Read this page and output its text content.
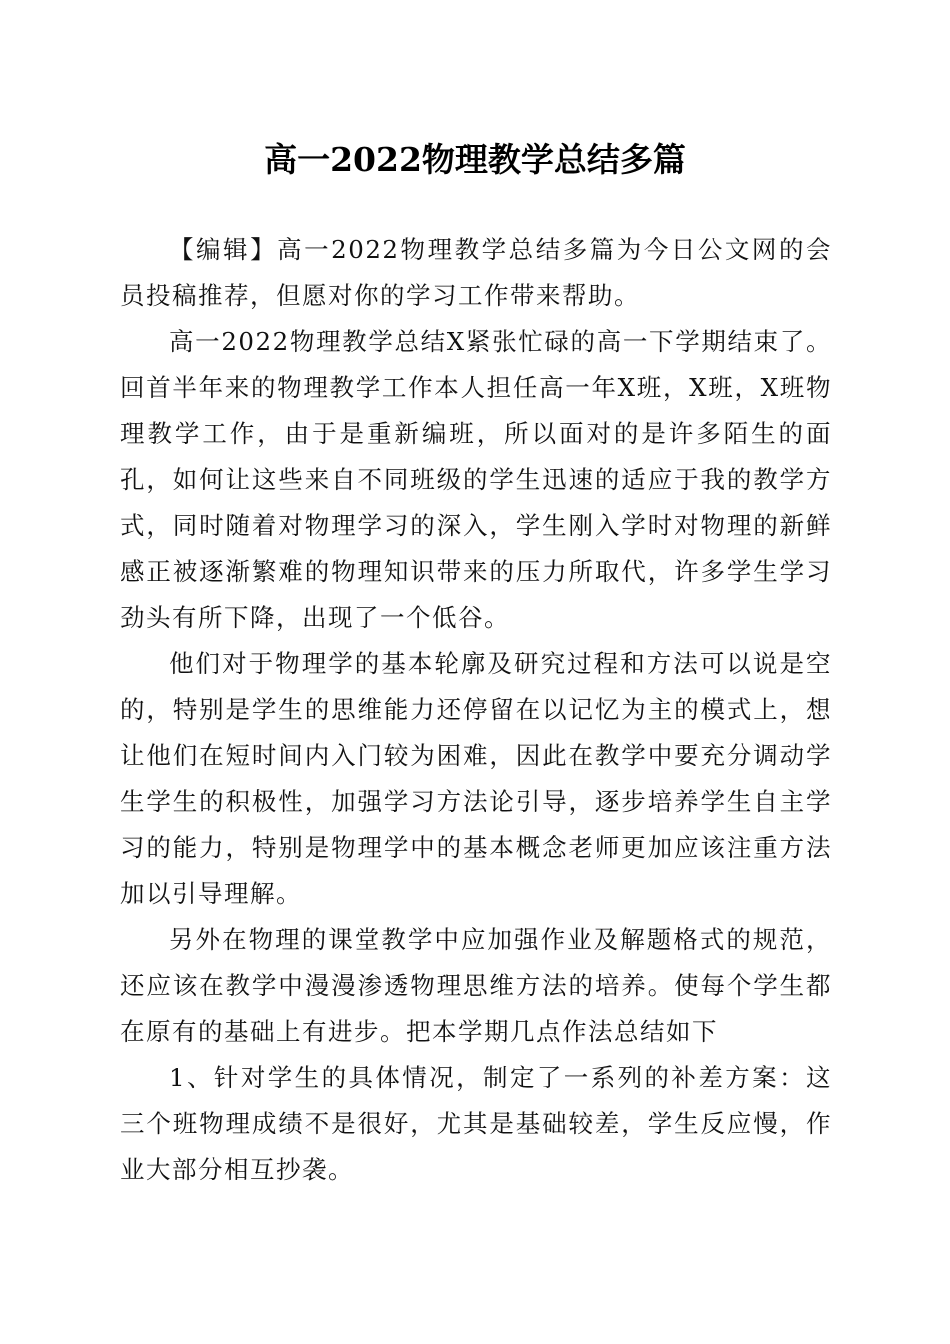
高一2022物理教学总结多篇

【编辑】高一2022物理教学总结多篇为今日公文网的会员投稿推荐，但愿对你的学习工作带来帮助。

高一2022物理教学总结X紧张忙碌的高一下学期结束了。回首半年来的物理教学工作本人担任高一年X班，X班，X班物理教学工作，由于是重新编班，所以面对的是许多陌生的面孔，如何让这些来自不同班级的学生迅速的适应于我的教学方式，同时随着对物理学习的深入，学生刚入学时对物理的新鲜感正被逐渐繁难的物理知识带来的压力所取代，许多学生学习劲头有所下降，出现了一个低谷。

他们对于物理学的基本轮廓及研究过程和方法可以说是空的，特别是学生的思维能力还停留在以记忆为主的模式上，想让他们在短时间内入门较为困难，因此在教学中要充分调动学生学生的积极性，加强学习方法论引导，逐步培养学生自主学习的能力，特别是物理学中的基本概念老师更加应该注重方法加以引导理解。

另外在物理的课堂教学中应加强作业及解题格式的规范，还应该在教学中漫漫渗透物理思维方法的培养。使每个学生都在原有的基础上有进步。把本学期几点作法总结如下

1、针对学生的具体情况，制定了一系列的补差方案：这三个班物理成绩不是很好，尤其是基础较差，学生反应慢，作业大部分相互抄袭。
